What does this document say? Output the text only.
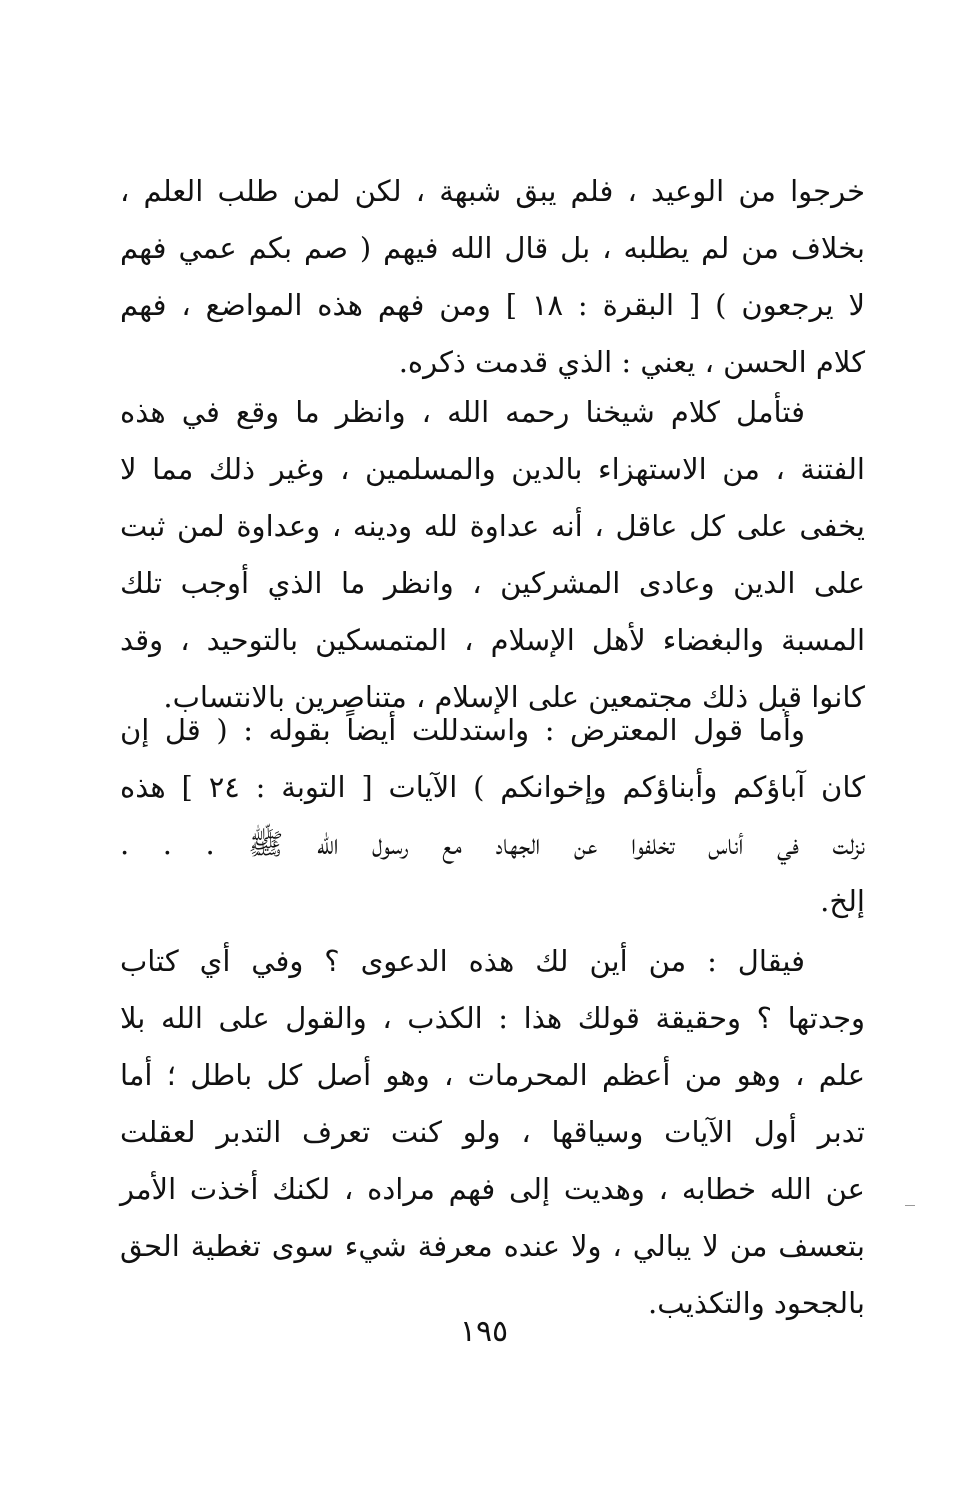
خرجوا من الوعيد ، فلم يبق شبهة ، لكن لمن طلب العلم ،
بخلاف من لم يطلبه ، بل قال الله فيهم ( صم بكم عمي فهم
لا يرجعون ) [ البقرة : ١٨ ] ومن فهم هذه المواضع ، فهم
كلام الحسن ، يعني : الذي قدمت ذكره.
فتأمل كلام شيخنا رحمه الله ، وانظر ما وقع في هذه
الفتنة ، من الاستهزاء بالدين والمسلمين ، وغير ذلك مما لا
يخفى على كل عاقل ، أنه عداوة لله ودينه ، وعداوة لمن ثبت
على الدين وعادى المشركين ، وانظر ما الذي أوجب تلك
المسبة والبغضاء لأهل الإسلام ، المتمسكين بالتوحيد ، وقد
كانوا قبل ذلك مجتمعين على الإسلام ، متناصرين بالانتساب.
وأما قول المعترض : واستدللت أيضاً بقوله : ( قل إن
كان آباؤكم وأبناؤكم وإخوانكم ) الآيات [ التوبة : ٢٤ ] هذه
نزلت في أناس تخلفوا عن الجهاد مع رسول الله ﷺ . . .
إلخ.
فيقال : من أين لك هذه الدعوى ؟ وفي أي كتاب
وجدتها ؟ وحقيقة قولك هذا : الكذب ، والقول على الله بلا
علم ، وهو من أعظم المحرمات ، وهو أصل كل باطل ؛ أما
تدبر أول الآيات وسياقها ، ولو كنت تعرف التدبر لعقلت
عن الله خطابه ، وهديت إلى فهم مراده ، لكنك أخذت الأمر
بتعسف من لا يبالي ، ولا عنده معرفة شيء سوى تغطية الحق
بالجحود والتكذيب.
١٩٥
